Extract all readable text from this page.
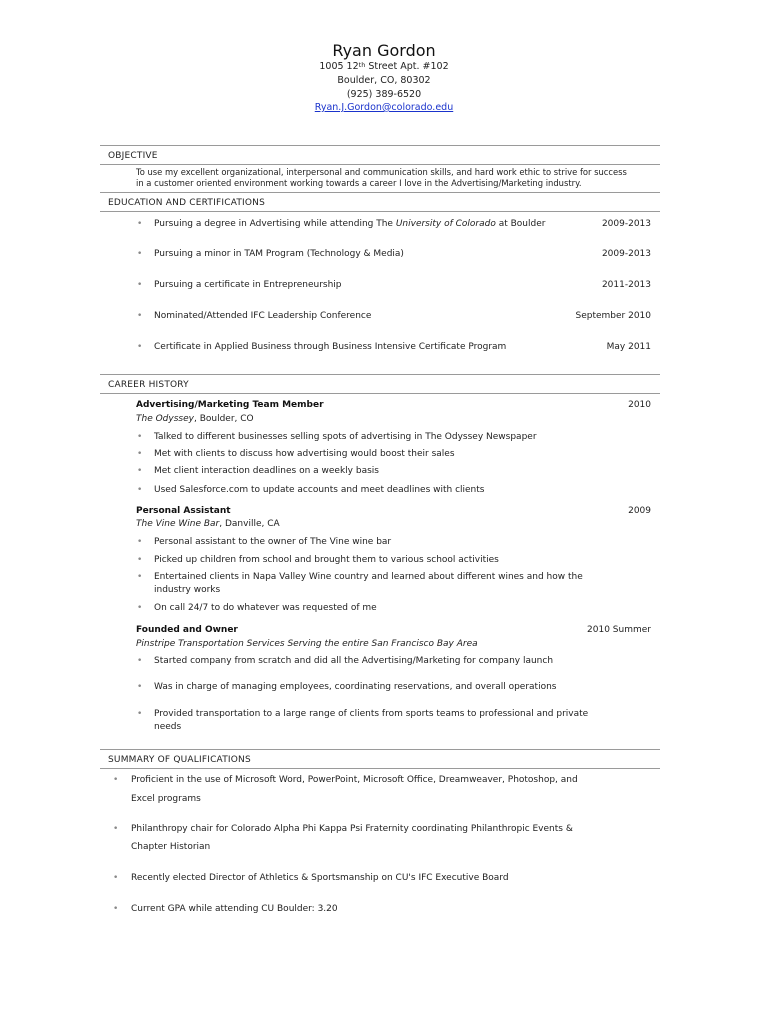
Ryan Gordon
1005 12th Street Apt. #102
Boulder, CO, 80302
(925) 389-6520
Ryan.J.Gordon@colorado.edu
OBJECTIVE
To use my excellent organizational, interpersonal and communication skills, and hard work ethic to strive for success
in a customer oriented environment working towards a career I love in the Advertising/Marketing industry.
EDUCATION AND CERTIFICATIONS
CAREER HISTORY
SUMMARY OF QUALIFICATIONS
• Pursuing a degree in Advertising while attending The University of Colorado at Boulder	2009-2013
• Pursuing a minor in TAM Program (Technology & Media)	2009-2013
• Pursuing a certificate in Entrepreneurship	2011-2013
• Nominated/Attended IFC Leadership Conference	September 2010
• Certificate in Applied Business through Business Intensive Certificate Program	May 2011
Advertising/Marketing Team Member	2010
The Odyssey, Boulder, CO
• Talked to different businesses selling spots of advertising in The Odyssey Newspaper
• Met with clients to discuss how advertising would boost their sales
• Met client interaction deadlines on a weekly basis
• Used Salesforce.com to update accounts and meet deadlines with clients
Personal Assistant	2009
The Vine Wine Bar, Danville, CA
• Personal assistant to the owner of The Vine wine bar
• Picked up children from school and brought them to various school activities
• Entertained clients in Napa Valley Wine country and learned about different wines and how the
industry works
• On call 24/7 to do whatever was requested of me
Founded and Owner	2010 Summer
Pinstripe Transportation Services Serving the entire San Francisco Bay Area
• Started company from scratch and did all the Advertising/Marketing for company launch
• Was in charge of managing employees, coordinating reservations, and overall operations
• Provided transportation to a large range of clients from sports teams to professional and private
needs
• Proficient in the use of Microsoft Word, PowerPoint, Microsoft Office, Dreamweaver, Photoshop, and
Excel programs
• Philanthropy chair for Colorado Alpha Phi Kappa Psi Fraternity coordinating Philanthropic Events &
Chapter Historian
• Recently elected Director of Athletics & Sportsmanship on CU's IFC Executive Board
• Current GPA while attending CU Boulder: 3.20
